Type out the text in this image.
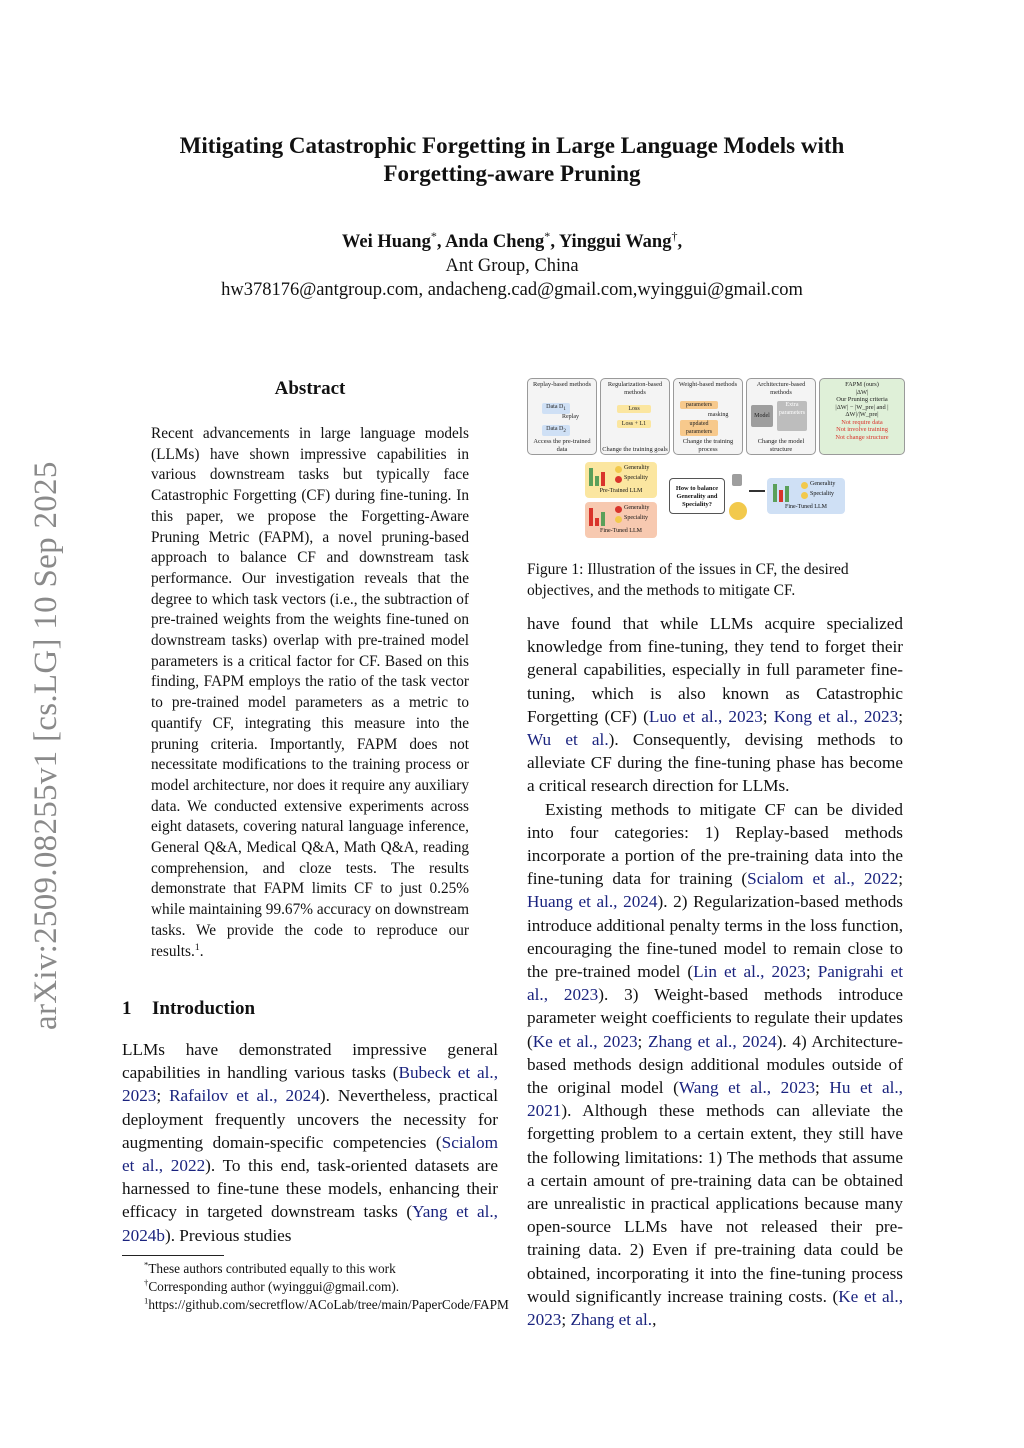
arXiv:2509.08255v1 [cs.LG] 10 Sep 2025
Mitigating Catastrophic Forgetting in Large Language Models with
Forgetting-aware Pruning
Wei Huang*, Anda Cheng*, Yinggui Wang†,
Ant Group, China
hw378176@antgroup.com, andacheng.cad@gmail.com,wyinggui@gmail.com
Abstract
Recent advancements in large language models (LLMs) have shown impressive capabilities in various downstream tasks but typically face Catastrophic Forgetting (CF) during fine-tuning. In this paper, we propose the Forgetting-Aware Pruning Metric (FAPM), a novel pruning-based approach to balance CF and downstream task performance. Our investigation reveals that the degree to which task vectors (i.e., the subtraction of pre-trained weights from the weights fine-tuned on downstream tasks) overlap with pre-trained model parameters is a critical factor for CF. Based on this finding, FAPM employs the ratio of the task vector to pre-trained model parameters as a metric to quantify CF, integrating this measure into the pruning criteria. Importantly, FAPM does not necessitate modifications to the training process or model architecture, nor does it require any auxiliary data. We conducted extensive experiments across eight datasets, covering natural language inference, General Q&A, Medical Q&A, Math Q&A, reading comprehension, and cloze tests. The results demonstrate that FAPM limits CF to just 0.25% while maintaining 99.67% accuracy on downstream tasks. We provide the code to reproduce our results.$^1$.
1 Introduction
LLMs have demonstrated impressive general capabilities in handling various tasks (Bubeck et al., 2023; Rafailov et al., 2024). Nevertheless, practical deployment frequently uncovers the necessity for augmenting domain-specific competencies (Scialom et al., 2022). To this end, task-oriented datasets are harnessed to fine-tune these models, enhancing their efficacy in targeted downstream tasks (Yang et al., 2024b). Previous studies
*These authors contributed equally to this work
†Corresponding author (wyinggui@gmail.com).
$^1$https://github.com/secretflow/ACoLab/tree/main/PaperCode/FAPM
Replay-based methods
Data $D_1$
Replay
Data $D_2$
Access the pre-trained data
Regularization-based methods
Loss
Loss + L1
Change the training goals
Weight-based methods
parameters
masking
updated parameters
Change the training process
Architecture-based methods
Model
Extra parameters
Change the model structure
FAPM (ours)
|ΔW|
Our Pruning criteria
|ΔW| − |W_pre| and |ΔW|/|W_pre|
Not require data
Not involve training
Not change structure
Generality
Speciality
Pre-Trained LLM
Generality
Speciality
Fine-Tuned LLM
How to balance Generality and Speciality?
Generality
Speciality
Fine-Tuned LLM
Figure 1: Illustration of the issues in CF, the desired objectives, and the methods to mitigate CF.

have found that while LLMs acquire specialized knowledge from fine-tuning, they tend to forget their general capabilities, especially in full parameter fine-tuning, which is also known as Catastrophic Forgetting (CF) (Luo et al., 2023; Kong et al., 2023; Wu et al.). Consequently, devising methods to alleviate CF during the fine-tuning phase has become a critical research direction for LLMs.

Existing methods to mitigate CF can be divided into four categories: 1) Replay-based methods incorporate a portion of the pre-training data into the fine-tuning data for training (Scialom et al., 2022; Huang et al., 2024). 2) Regularization-based methods introduce additional penalty terms in the loss function, encouraging the fine-tuned model to remain close to the pre-trained model (Lin et al., 2023; Panigrahi et al., 2023). 3) Weight-based methods introduce parameter weight coefficients to regulate their updates (Ke et al., 2023; Zhang et al., 2024). 4) Architecture-based methods design additional modules outside of the original model (Wang et al., 2023; Hu et al., 2021). Although these methods can alleviate the forgetting problem to a certain extent, they still have the following limitations: 1) The methods that assume a certain amount of pre-training data can be obtained are unrealistic in practical applications because many open-source LLMs have not released their pre-training data. 2) Even if pre-training data could be obtained, incorporating it into the fine-tuning process would significantly increase training costs. (Ke et al., 2023; Zhang et al.,
